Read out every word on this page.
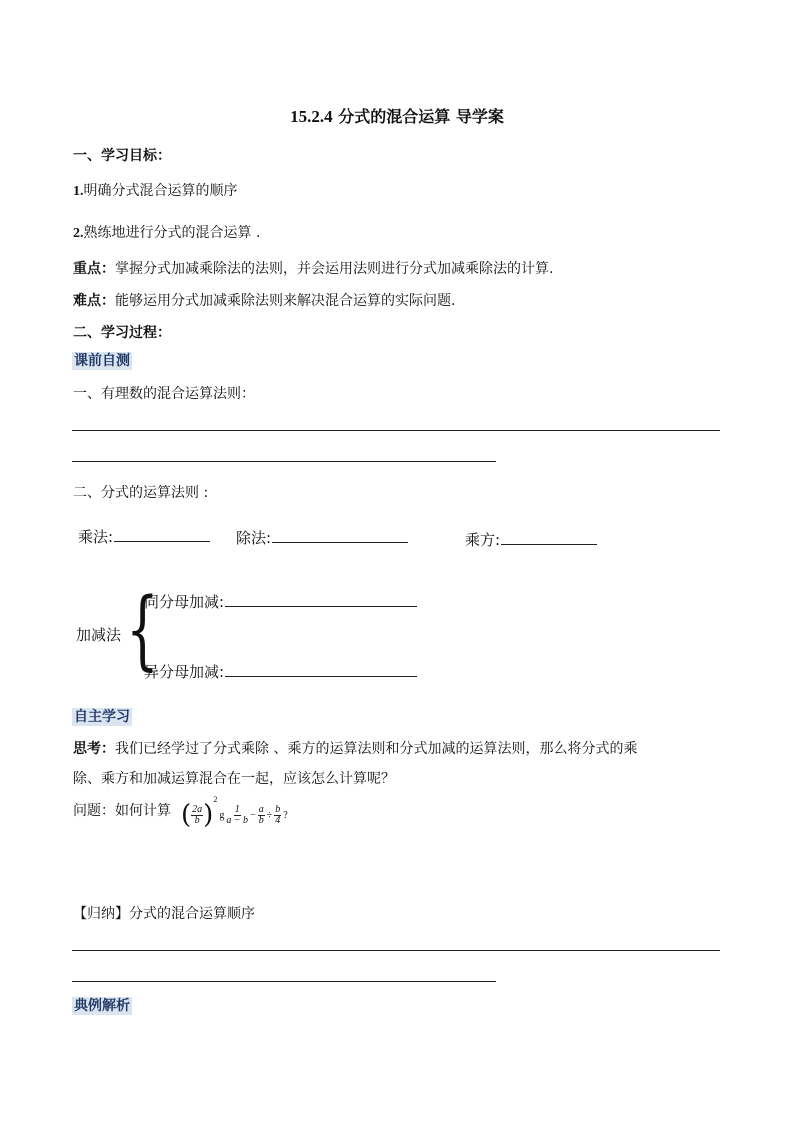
15.2.4 分式的混合运算 导学案
一、学习目标：
1.明确分式混合运算的顺序
2.熟练地进行分式的混合运算 .
重点：掌握分式加减乘除法的法则，并会运用法则进行分式加减乘除法的计算.
难点：能够运用分式加减乘除法则来解决混合运算的实际问题.
二、学习过程：
课前自测
一、有理数的混合运算法则：
二、分式的运算法则 :
乘法:	除法:	乘方:
加减法 {
同分母加减:
异分母加减:
自主学习
思考：我们已经学过了分式乘除 、乘方的运算法则和分式加减的运算法则，那么将分式的乘
除、乘方和加减运算混合在一起，应该怎么计算呢？
问题：如何计算 ( $\frac{2a}{b}$ )
2
g $\frac{1}{a - b} - \frac{a}{b} \div \frac{b}{4}$ ?
【归纳】分式的混合运算顺序
典例解析
